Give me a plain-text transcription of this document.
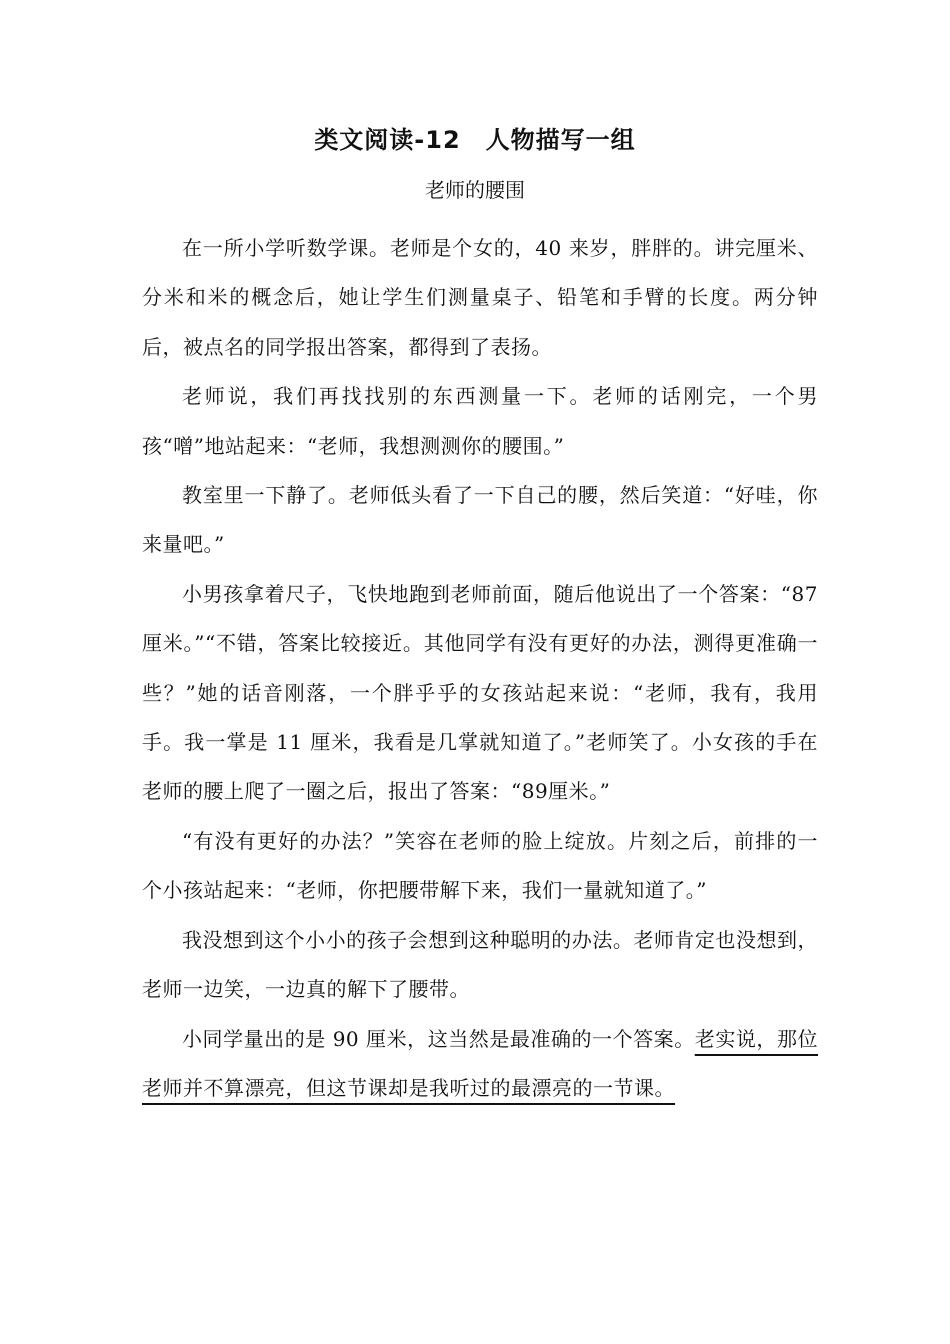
类文阅读-12　人物描写一组
老师的腰围

在一所小学听数学课。老师是个女的，40 来岁，胖胖的。讲完厘米、分米和米的概念后，她让学生们测量桌子、铅笔和手臂的长度。两分钟后，被点名的同学报出答案，都得到了表扬。

老师说，我们再找找别的东西测量一下。老师的话刚完，一个男孩“噌”地站起来：“老师，我想测测你的腰围。”

教室里一下静了。老师低头看了一下自己的腰，然后笑道：“好哇，你来量吧。”

小男孩拿着尺子，飞快地跑到老师前面，随后他说出了一个答案：“87 厘米。”“不错，答案比较接近。其他同学有没有更好的办法，测得更准确一些？”她的话音刚落，一个胖乎乎的女孩站起来说：“老师，我有，我用手。我一掌是 11 厘米，我看是几掌就知道了。”老师笑了。小女孩的手在老师的腰上爬了一圈之后，报出了答案：“89厘米。”

“有没有更好的办法？”笑容在老师的脸上绽放。片刻之后，前排的一个小孩站起来：“老师，你把腰带解下来，我们一量就知道了。”

我没想到这个小小的孩子会想到这种聪明的办法。老师肯定也没想到，老师一边笑，一边真的解下了腰带。

小同学量出的是 90 厘米，这当然是最准确的一个答案。老实说，那位老师并不算漂亮，但这节课却是我听过的最漂亮的一节课。
